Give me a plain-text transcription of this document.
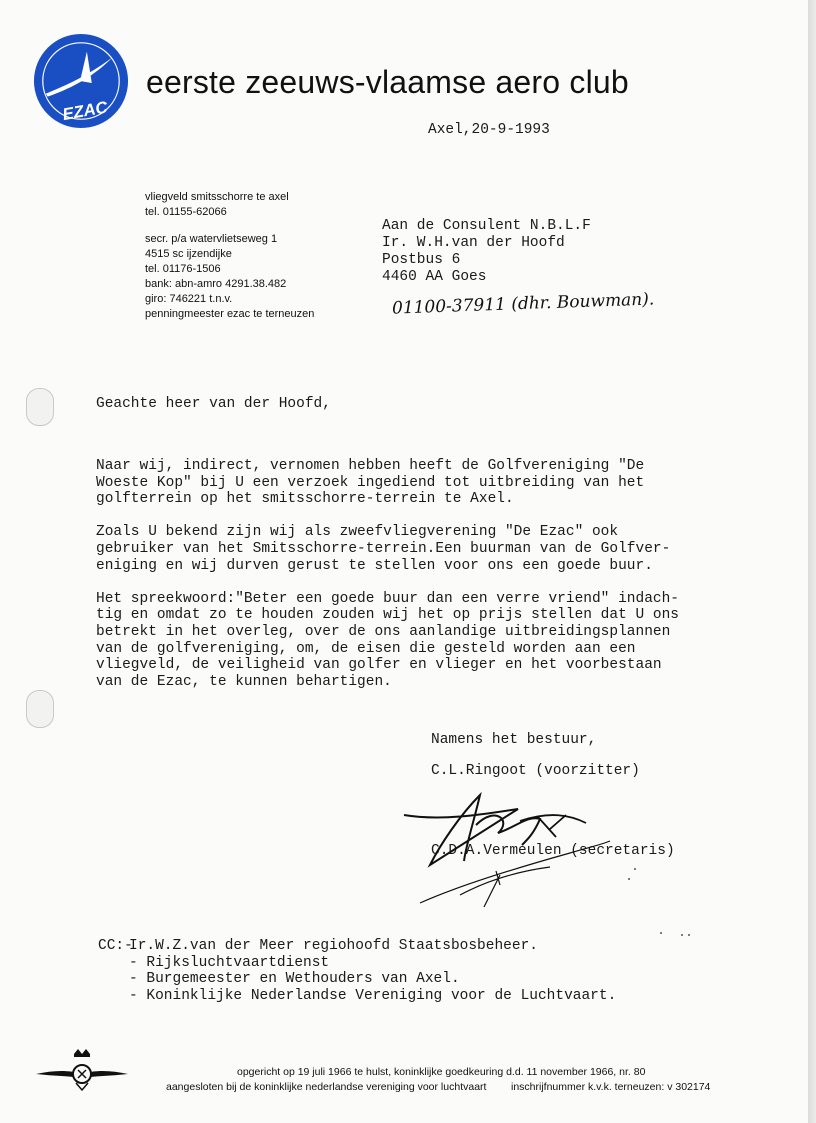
EZAC
eerste zeeuws-vlaamse aero club
Axel,20-9-1993
vliegveld smitsschorre te axel
tel. 01155-62066
secr. p/a watervlietseweg 1
4515 sc ijzendijke
tel. 01176-1506
bank: abn-amro 4291.38.482
giro: 746221 t.n.v.
penningmeester ezac te terneuzen
Aan de Consulent N.B.L.F
Ir. W.H.van der Hoofd
Postbus 6
4460 AA Goes
01100-37911 (dhr. Bouwman).
Geachte heer van der Hoofd,

Naar wij, indirect, vernomen hebben heeft de Golfvereniging "De
Woeste Kop" bij U een verzoek ingediend tot uitbreiding van het
golfterrein op het smitsschorre-terrein te Axel.

Zoals U bekend zijn wij als zweefvliegverening "De Ezac" ook
gebruiker van het Smitsschorre-terrein.Een buurman van de Golfver-
eniging en wij durven gerust te stellen voor ons een goede buur.

Het spreekwoord:"Beter een goede buur dan een verre vriend" indach-
tig en omdat zo te houden zouden wij het op prijs stellen dat U ons
betrekt in het overleg, over de ons aanlandige uitbreidingsplannen
van de golfvereniging, om, de eisen die gesteld worden aan een
vliegveld, de veiligheid van golfer en vlieger en het voorbestaan
van de Ezac, te kunnen behartigen.

Namens het bestuur,
C.L.Ringoot (voorzitter)
C.D.A.Vermeulen (secretaris)
CC:-
Ir.W.Z.van der Meer regiohoofd Staatsbosbeheer.
- Rijksluchtvaartdienst
- Burgemeester en Wethouders van Axel.
- Koninklijke Nederlandse Vereniging voor de Luchtvaart.
opgericht op 19 juli 1966 te hulst, koninklijke goedkeuring d.d. 11 november 1966, nr. 80
aangesloten bij de koninklijke nederlandse vereniging voor luchtvaart inschrijfnummer k.v.k. terneuzen: v 302174
